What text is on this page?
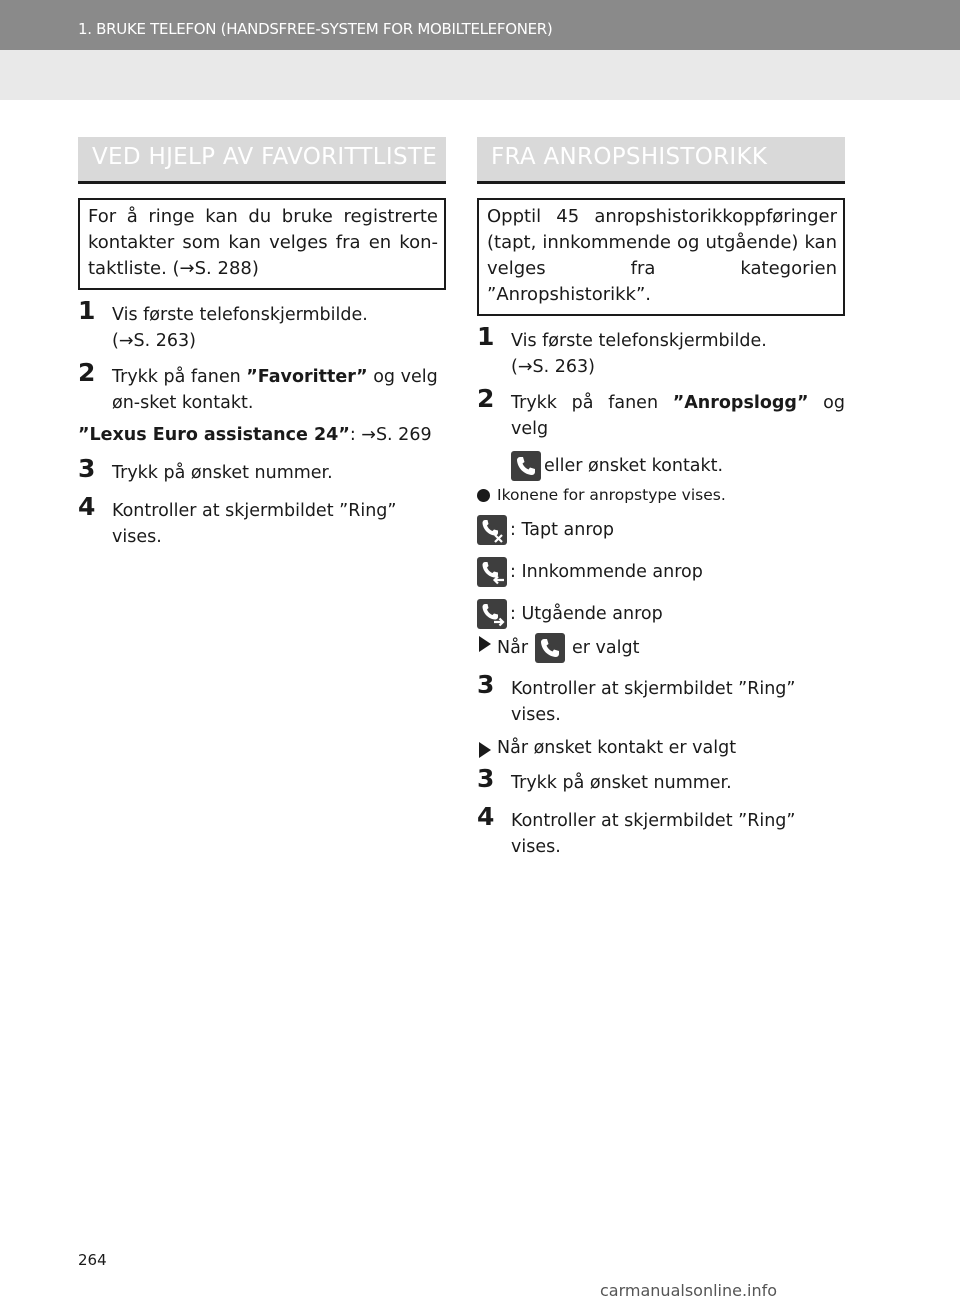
1. BRUKE TELEFON (HANDSFREE-SYSTEM FOR MOBILTELEFONER)
VED HJELP AV FAVORITTLISTE
For å ringe kan du bruke registrerte kontakter som kan velges fra en kon-taktliste. (→S. 288)
1 Vis første telefonskjermbilde.
(→S. 263)
2 Trykk på fanen ”Favoritter” og velg øn-sket kontakt.
”Lexus Euro assistance 24”: →S. 269
3 Trykk på ønsket nummer.
4 Kontroller at skjermbildet ”Ring” vises.
FRA ANROPSHISTORIKK
Opptil 45 anropshistorikkoppføringer (tapt, innkommende og utgående) kan velges fra kategorien ”Anropshistorikk”.
1 Vis første telefonskjermbilde.
(→S. 263)
2 Trykk på fanen ”Anropslogg” og velg
eller ønsket kontakt.
Ikonene for anropstype vises.
: Tapt anrop
: Innkommende anrop
: Utgående anrop
Når	er valgt
3 Kontroller at skjermbildet ”Ring” vises.
Når ønsket kontakt er valgt
3 Trykk på ønsket nummer.
4 Kontroller at skjermbildet ”Ring” vises.
264
carmanualsonline.info
